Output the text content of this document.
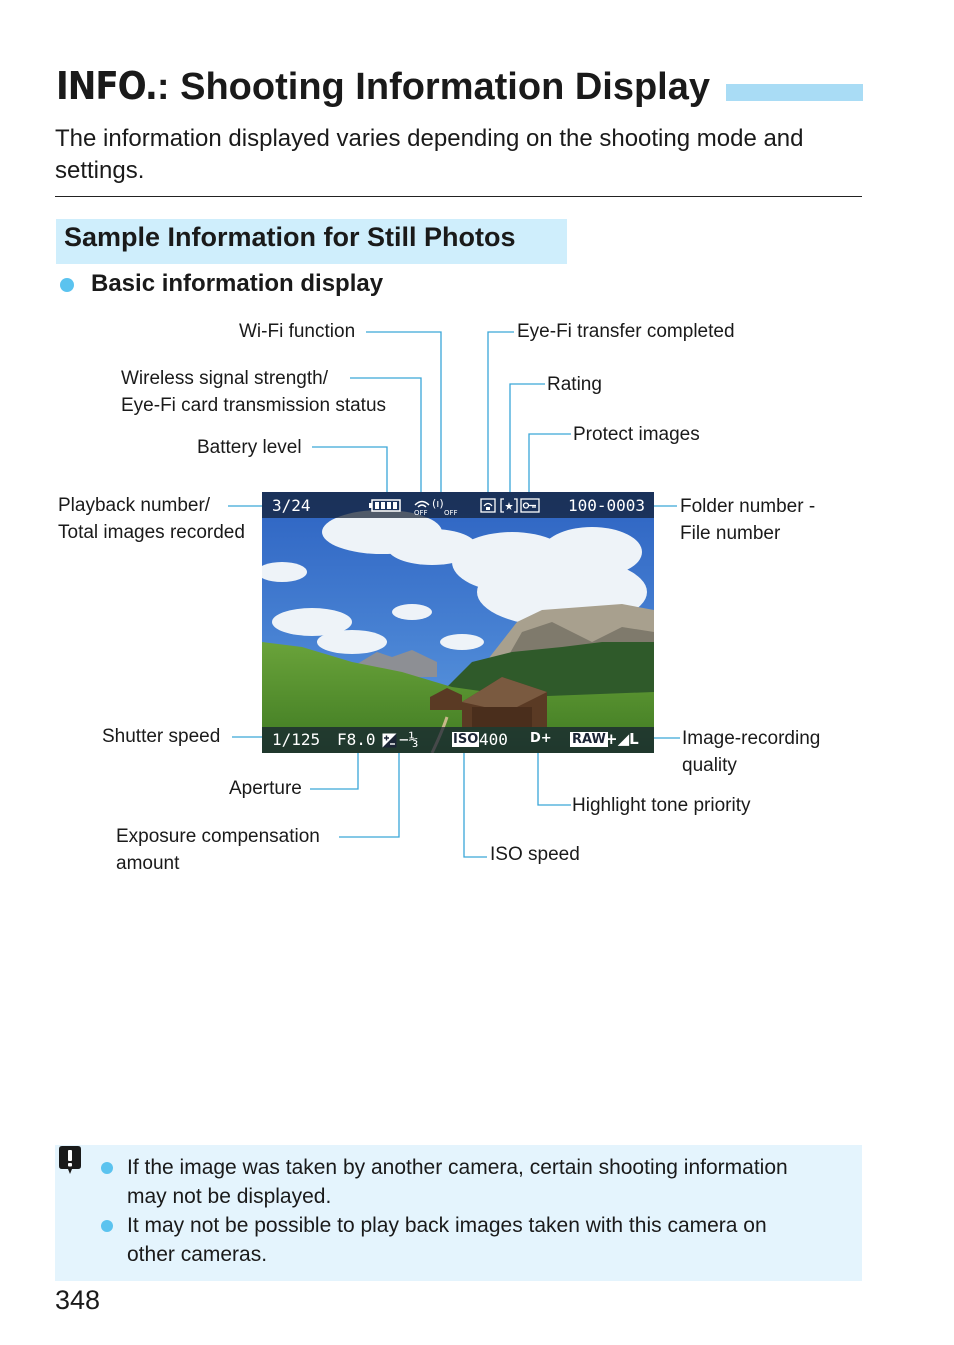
INFO.: Shooting Information Display
The information displayed varies depending on the shooting mode and settings.
Sample Information for Still Photos
Basic information display
Wi-Fi function
Wireless signal strength/
Eye-Fi card transmission status
Battery level
Playback number/
Total images recorded
Eye-Fi transfer completed
Rating
Protect images
Folder number -
File number
Shutter speed
Aperture
Exposure compensation
amount
Image-recording
quality
Highlight tone priority
ISO speed
3/24	OFF
(ı)
OFF	100-0003
1/125 F8.0 −⅓	ISO 400 D+ RAW +◢L
If the image was taken by another camera, certain shooting information
may not be displayed.
It may not be possible to play back images taken with this camera on
other cameras.
348
